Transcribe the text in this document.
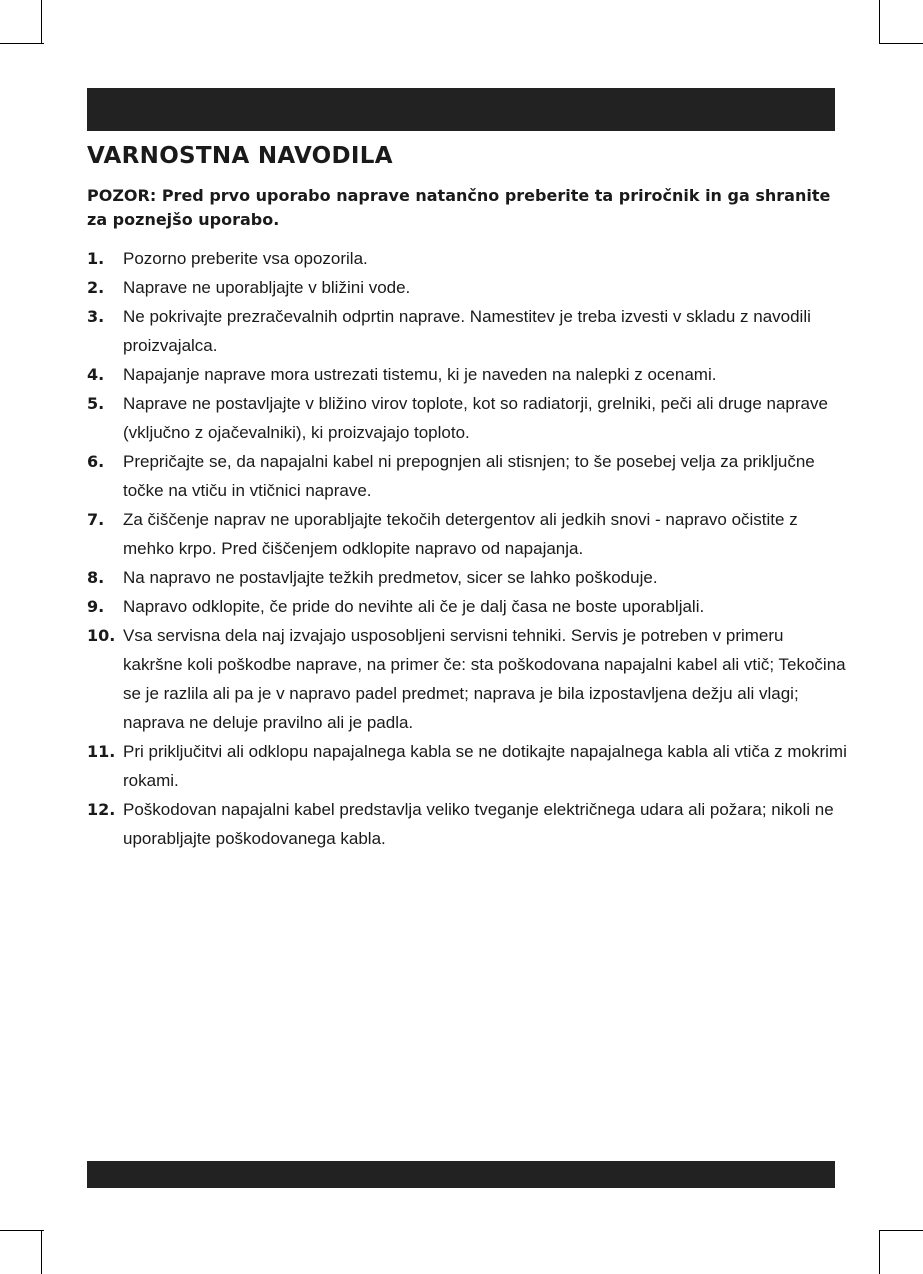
VARNOSTNA NAVODILA

POZOR: Pred prvo uporabo naprave natančno preberite ta priročnik in ga shranite za poznejšo uporabo.

1. Pozorno preberite vsa opozorila.
2. Naprave ne uporabljajte v bližini vode.
3. Ne pokrivajte prezračevalnih odprtin naprave. Namestitev je treba izvesti v skladu z navodili proizvajalca.
4. Napajanje naprave mora ustrezati tistemu, ki je naveden na nalepki z ocenami.
5. Naprave ne postavljajte v bližino virov toplote, kot so radiatorji, grelniki, peči ali druge naprave (vključno z ojačevalniki), ki proizvajajo toploto.
6. Prepričajte se, da napajalni kabel ni prepognjen ali stisnjen; to še posebej velja za priključne točke na vtiču in vtičnici naprave.
7. Za čiščenje naprav ne uporabljajte tekočih detergentov ali jedkih snovi - napravo očistite z mehko krpo. Pred čiščenjem odklopite napravo od napajanja.
8. Na napravo ne postavljajte težkih predmetov, sicer se lahko poškoduje.
9. Napravo odklopite, če pride do nevihte ali če je dalj časa ne boste uporabljali.
10. Vsa servisna dela naj izvajajo usposobljeni servisni tehniki. Servis je potreben v primeru kakršne koli poškodbe naprave, na primer če: sta poškodovana napajalni kabel ali vtič; Tekočina se je razlila ali pa je v napravo padel predmet; naprava je bila izpostavljena dežju ali vlagi; naprava ne deluje pravilno ali je padla.
11. Pri priključitvi ali odklopu napajalnega kabla se ne dotikajte napajalnega kabla ali vtiča z mokrimi rokami.
12. Poškodovan napajalni kabel predstavlja veliko tveganje električnega udara ali požara; nikoli ne uporabljajte poškodovanega kabla.
